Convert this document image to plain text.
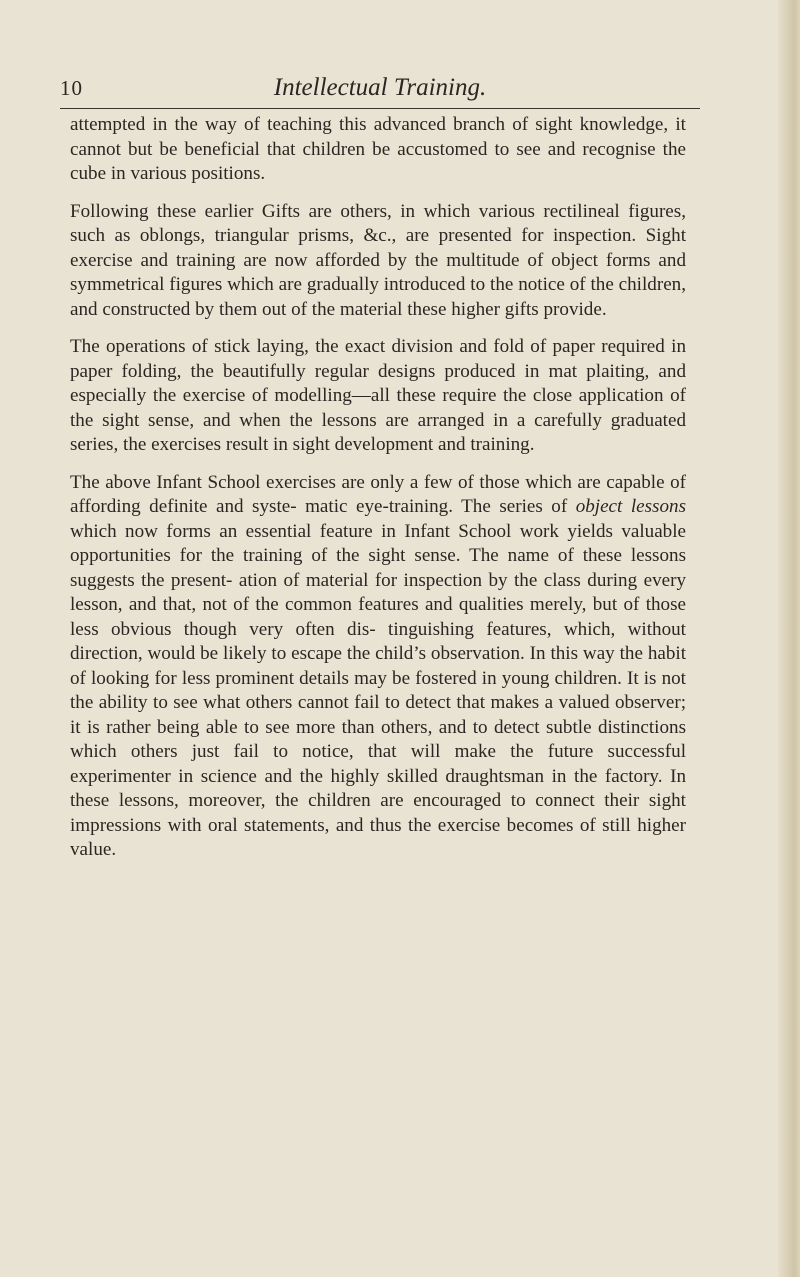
10	Intellectual Training.

attempted in the way of teaching this advanced branch of sight knowledge, it cannot but be beneficial that children be accustomed to see and recognise the cube in various positions.

Following these earlier Gifts are others, in which various rectilineal figures, such as oblongs, triangular prisms, &c., are presented for inspection. Sight exercise and training are now afforded by the multitude of object forms and symmetrical figures which are gradually introduced to the notice of the children, and constructed by them out of the material these higher gifts provide.

The operations of stick laying, the exact division and fold of paper required in paper folding, the beautifully regular designs produced in mat plaiting, and especially the exercise of modelling—all these require the close application of the sight sense, and when the lessons are arranged in a carefully graduated series, the exercises result in sight development and training.

The above Infant School exercises are only a few of those which are capable of affording definite and syste- matic eye-training. The series of object lessons which now forms an essential feature in Infant School work yields valuable opportunities for the training of the sight sense. The name of these lessons suggests the present- ation of material for inspection by the class during every lesson, and that, not of the common features and qualities merely, but of those less obvious though very often dis- tinguishing features, which, without direction, would be likely to escape the child’s observation. In this way the habit of looking for less prominent details may be fostered in young children. It is not the ability to see what others cannot fail to detect that makes a valued observer; it is rather being able to see more than others, and to detect subtle distinctions which others just fail to notice, that will make the future successful experimenter in science and the highly skilled draughtsman in the factory. In these lessons, moreover, the children are encouraged to connect their sight impressions with oral statements, and thus the exercise becomes of still higher value.
